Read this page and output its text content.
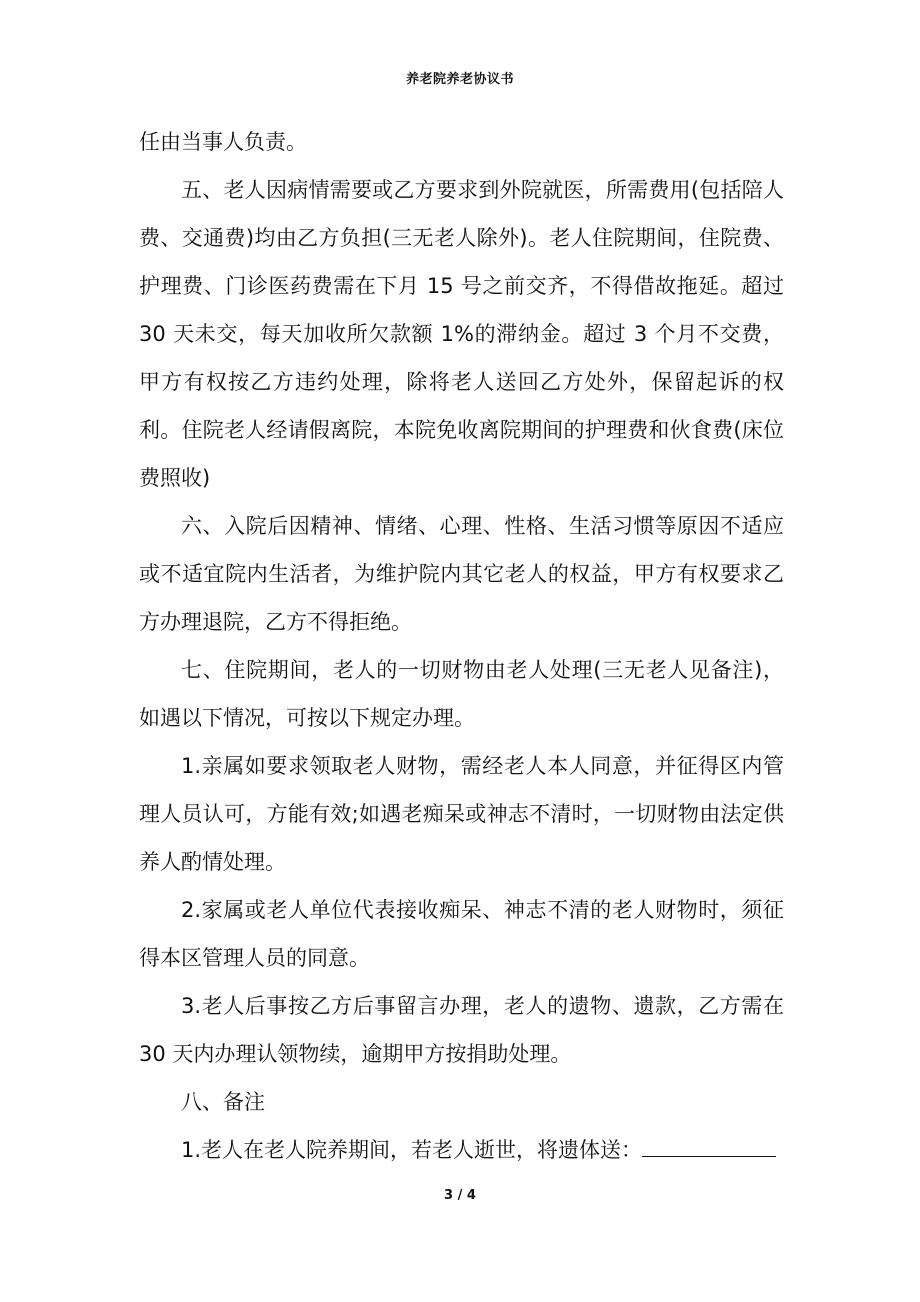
养老院养老协议书

任由当事人负责。

五、老人因病情需要或乙方要求到外院就医，所需费用(包括陪人费、交通费)均由乙方负担(三无老人除外)。老人住院期间，住院费、护理费、门诊医药费需在下月 15 号之前交齐，不得借故拖延。超过 30 天未交，每天加收所欠款额 1%的滞纳金。超过 3 个月不交费，甲方有权按乙方违约处理，除将老人送回乙方处外，保留起诉的权利。住院老人经请假离院，本院免收离院期间的护理费和伙食费(床位费照收)

六、入院后因精神、情绪、心理、性格、生活习惯等原因不适应或不适宜院内生活者，为维护院内其它老人的权益，甲方有权要求乙方办理退院，乙方不得拒绝。

七、住院期间，老人的一切财物由老人处理(三无老人见备注)，如遇以下情况，可按以下规定办理。

1.亲属如要求领取老人财物，需经老人本人同意，并征得区内管理人员认可，方能有效;如遇老痴呆或神志不清时，一切财物由法定供养人酌情处理。

2.家属或老人单位代表接收痴呆、神志不清的老人财物时，须征得本区管理人员的同意。

3.老人后事按乙方后事留言办理，老人的遗物、遗款，乙方需在 30 天内办理认领物续，逾期甲方按捐助处理。

八、备注

1.老人在老人院养期间，若老人逝世，将遗体送：

3 / 4
